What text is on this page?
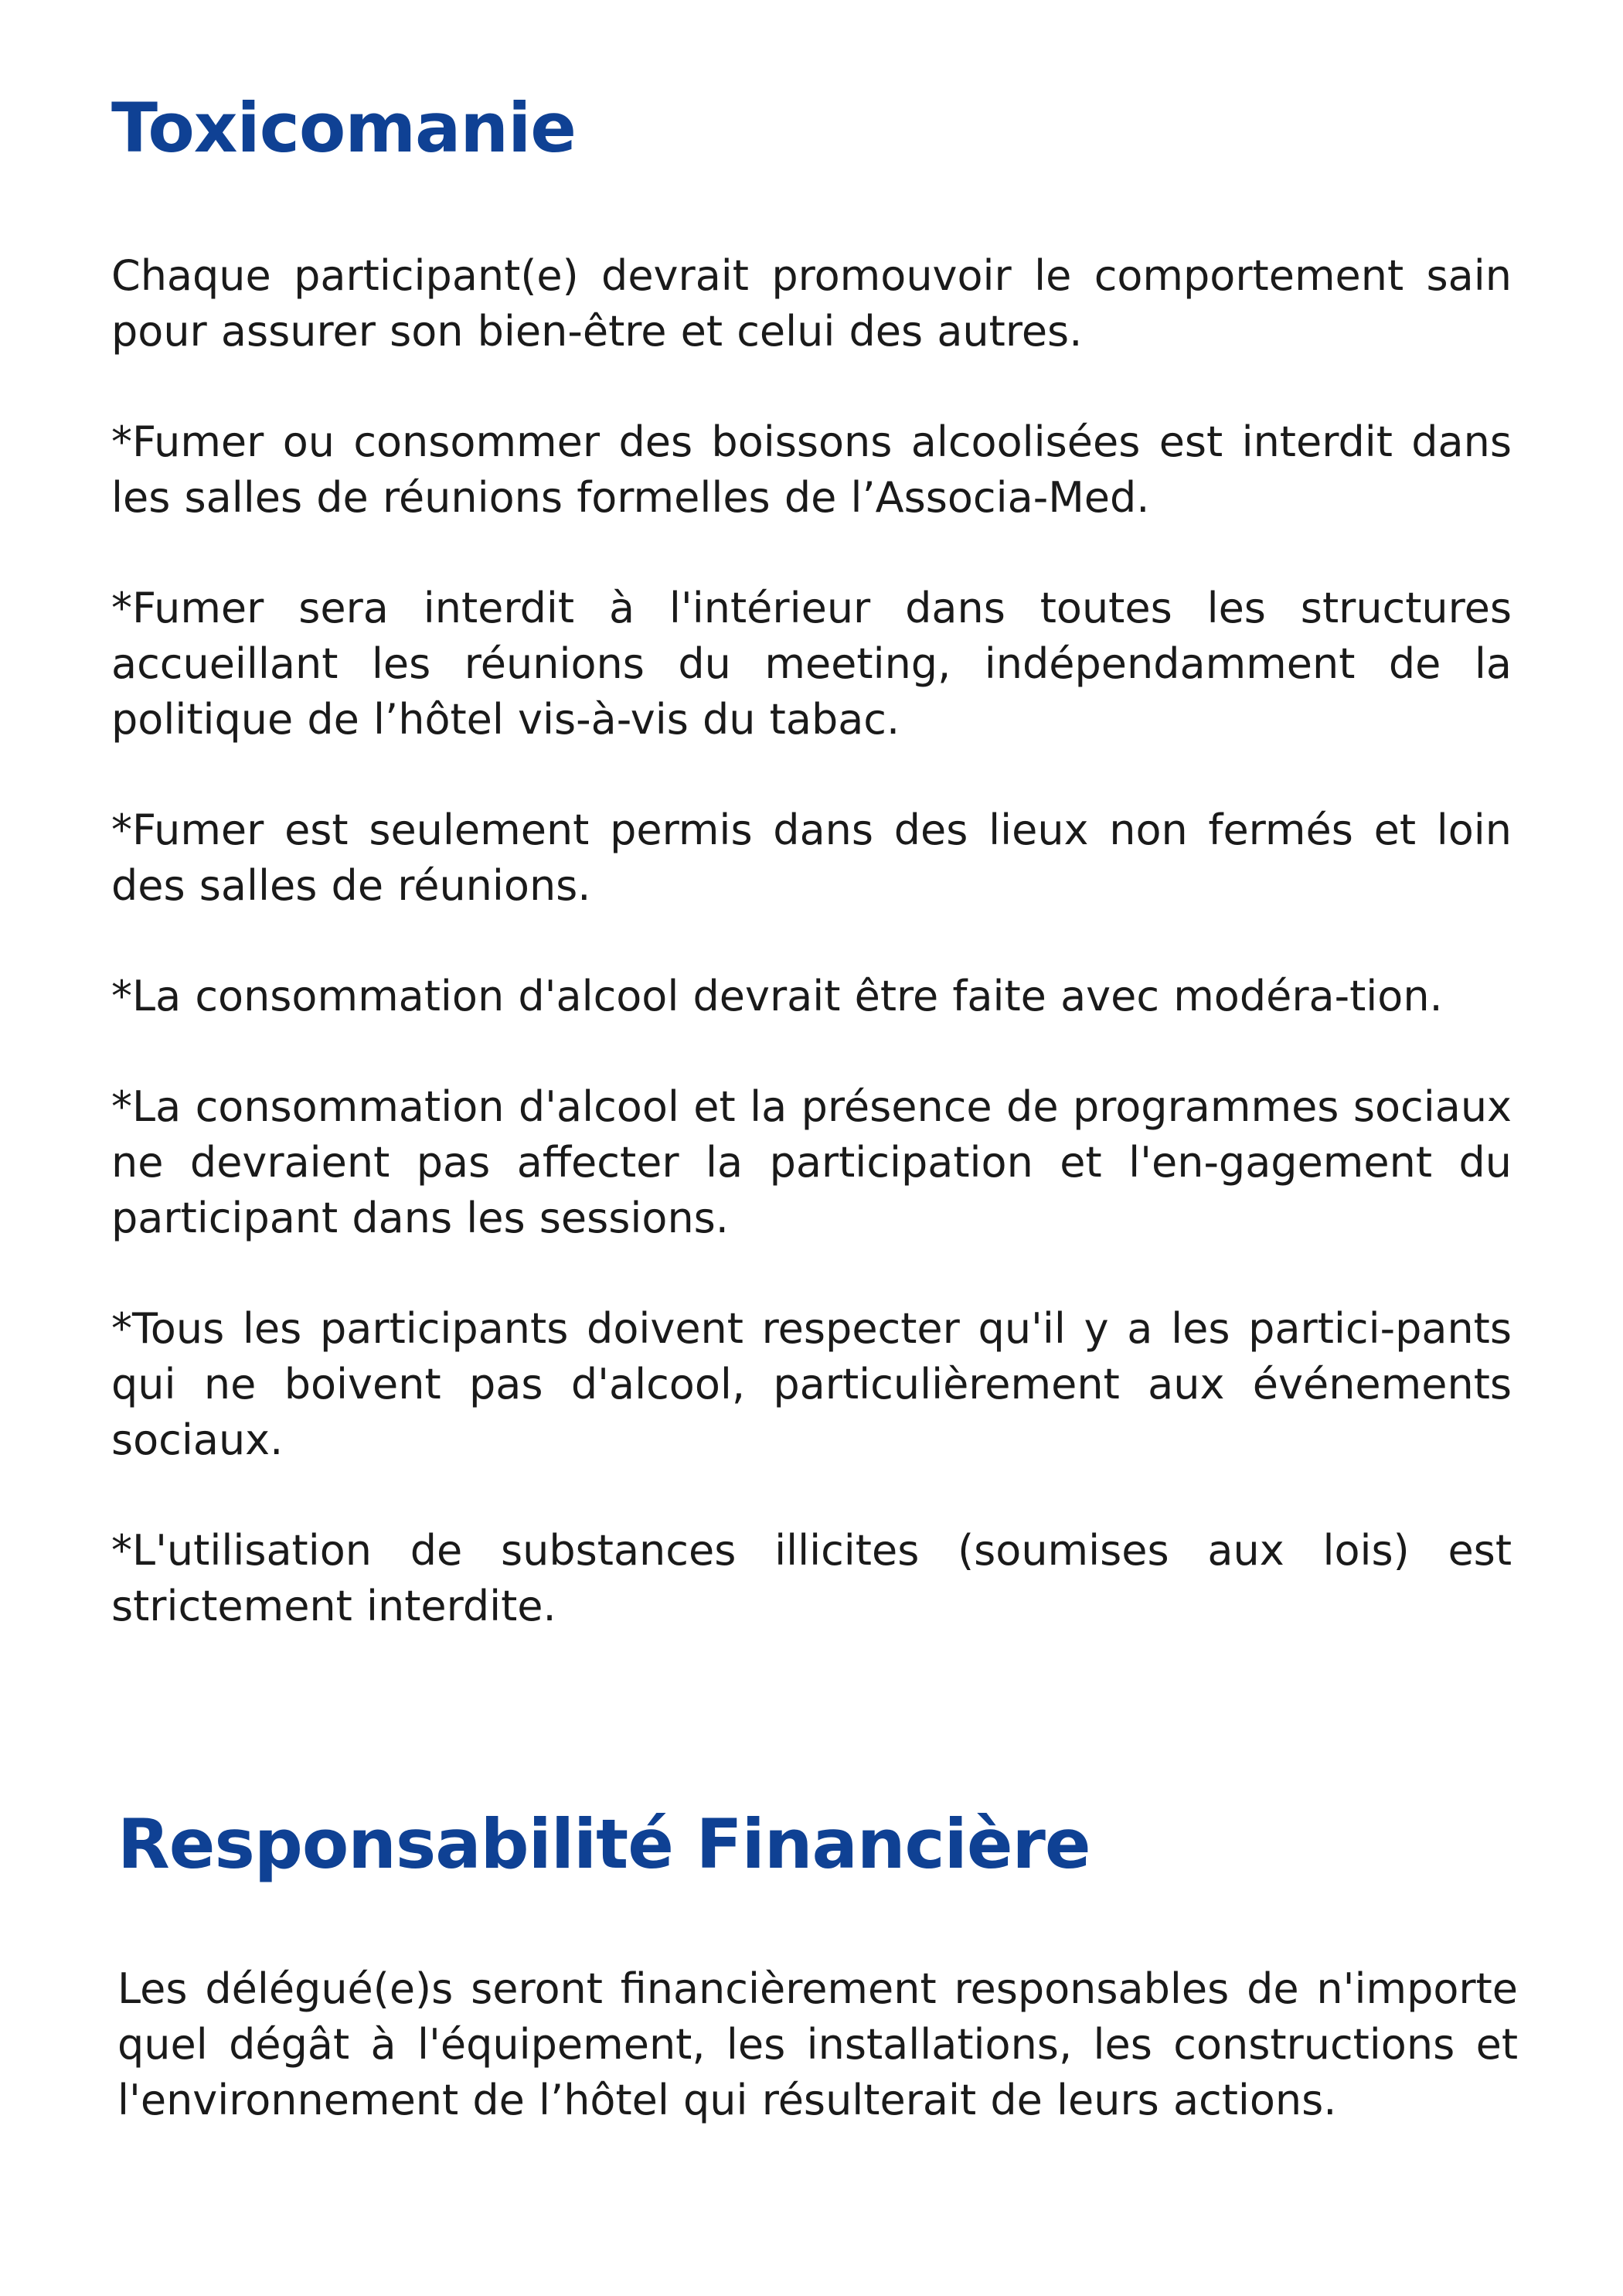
Toxicomanie

Chaque participant(e) devrait promouvoir le comportement sain pour assurer son bien-être et celui des autres.

*Fumer ou consommer des boissons alcoolisées est interdit dans les salles de réunions formelles de l’Associa-Med.

*Fumer sera interdit à l'intérieur dans toutes les structures accueillant les réunions du meeting, indépendamment de la politique de l’hôtel vis-à-vis du tabac.

*Fumer est seulement permis dans des lieux non fermés et loin des salles de réunions.

*La consommation d'alcool devrait être faite avec modéra-tion.

*La consommation d'alcool et la présence de programmes sociaux ne devraient pas affecter la participation et l'en-gagement du participant dans les sessions.

*Tous les participants doivent respecter qu'il y a les partici-pants qui ne boivent pas d'alcool, particulièrement aux événements sociaux.

*L'utilisation de substances illicites (soumises aux lois) est strictement interdite.

Responsabilité Financière

Les délégué(e)s seront financièrement responsables de n'importe quel dégât à l'équipement, les installations, les constructions et l'environnement de l’hôtel qui résulterait de leurs actions.
